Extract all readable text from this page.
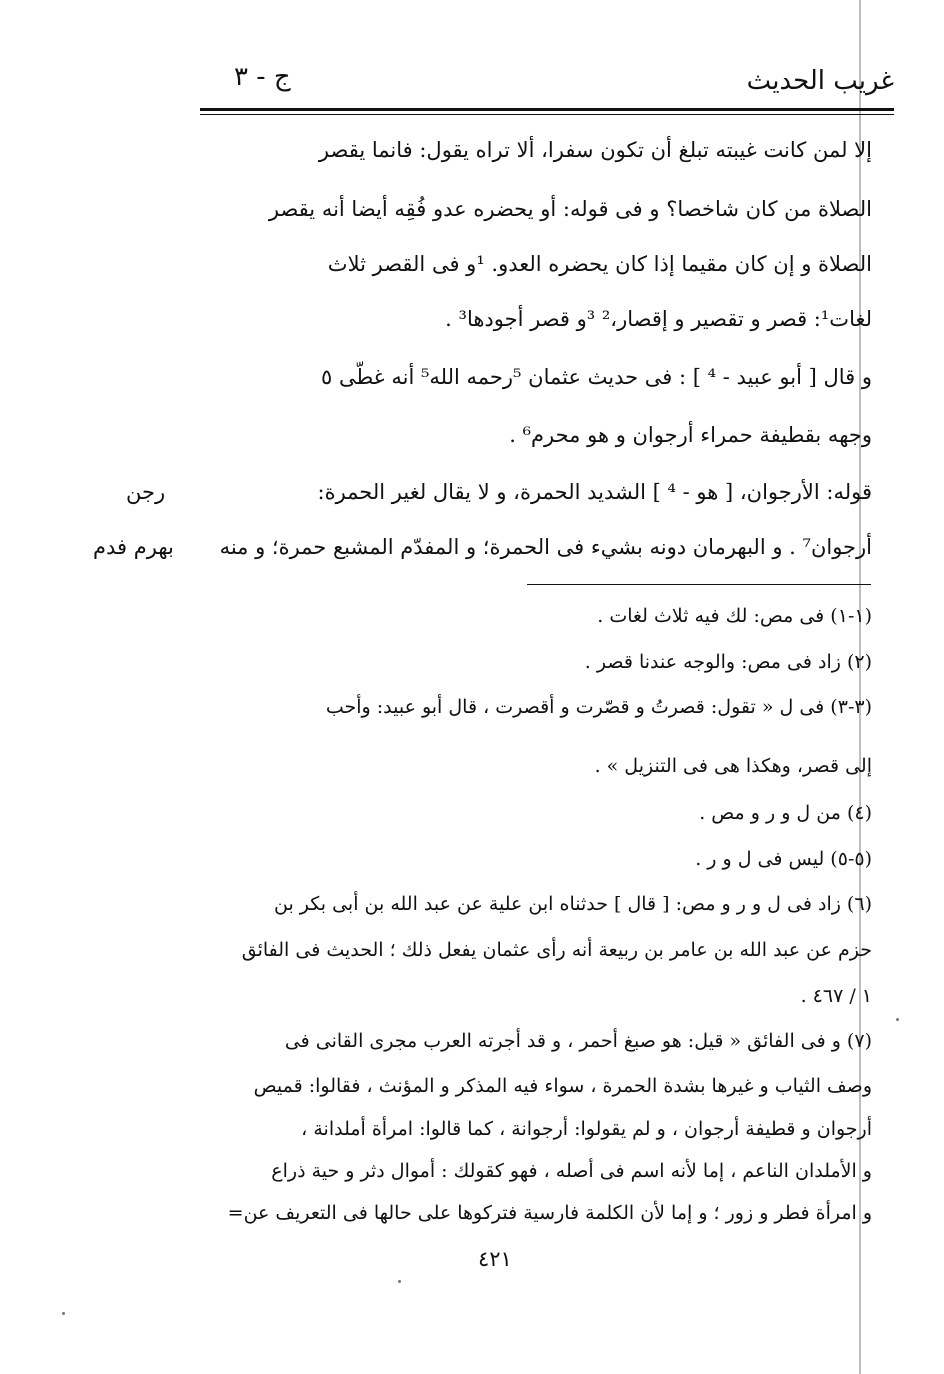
غريب الحديث
ج - ٣
إلا لمن كانت غيبته تبلغ أن تكون سفرا، ألا تراه يقول: فانما يقصر
الصلاة من كان شاخصا؟ و فى قوله: أو يحضره عدو فُقِه أيضا أنه يقصر
الصلاة و إن كان مقيما إذا كان يحضره العدو. ¹و فى القصر ثلاث
لغات¹: قصر و تقصير و إقصار،² ³و قصر أجودها³ .
و قال [ أبو عبيد - ⁴ ] : فى حديث عثمان ⁵رحمه الله⁵ أنه غطّى ٥
وجهه بقطيفة حمراء أرجوان و هو محرم⁶ .
قوله: الأرجوان، [ هو - ⁴ ] الشديد الحمرة، و لا يقال لغير الحمرة:
أرجوان⁷ . و البهرمان دونه بشيء فى الحمرة؛ و المفدّم المشبع حمرة؛ و منه
رجن
بهرم فدم
(١-١) فى مص: لك فيه ثلاث لغات .
(٢) زاد فى مص: والوجه عندنا قصر .
(٣-٣) فى ل « تقول: قصرتُ و قصّرت و أقصرت ، قال أبو عبيد: وأحب
إلى قصر، وهكذا هى فى التنزيل » .
(٤) من ل و ر و مص .
(٥-٥) ليس فى ل و ر .
(٦) زاد فى ل و ر و مص: [ قال ] حدثناه ابن علية عن عبد الله بن أبى بكر بن
حزم عن عبد الله بن عامر بن ربيعة أنه رأى عثمان يفعل ذلك ؛ الحديث فى الفائق
١ / ٤٦٧ .
(٧) و فى الفائق « قيل: هو صبغ أحمر ، و قد أجرته العرب مجرى القانى فى
وصف الثياب و غيرها بشدة الحمرة ، سواء فيه المذكر و المؤنث ، فقالوا: قميص
أرجوان و قطيفة أرجوان ، و لم يقولوا: أرجوانة ، كما قالوا: امرأة أملدانة ،
و الأملدان الناعم ، إما لأنه اسم فى أصله ، فهو كقولك : أموال دثر و حية ذراع
و امرأة فطر و زور ؛ و إما لأن الكلمة فارسية فتركوها على حالها فى التعريف عن=
٤٢١
